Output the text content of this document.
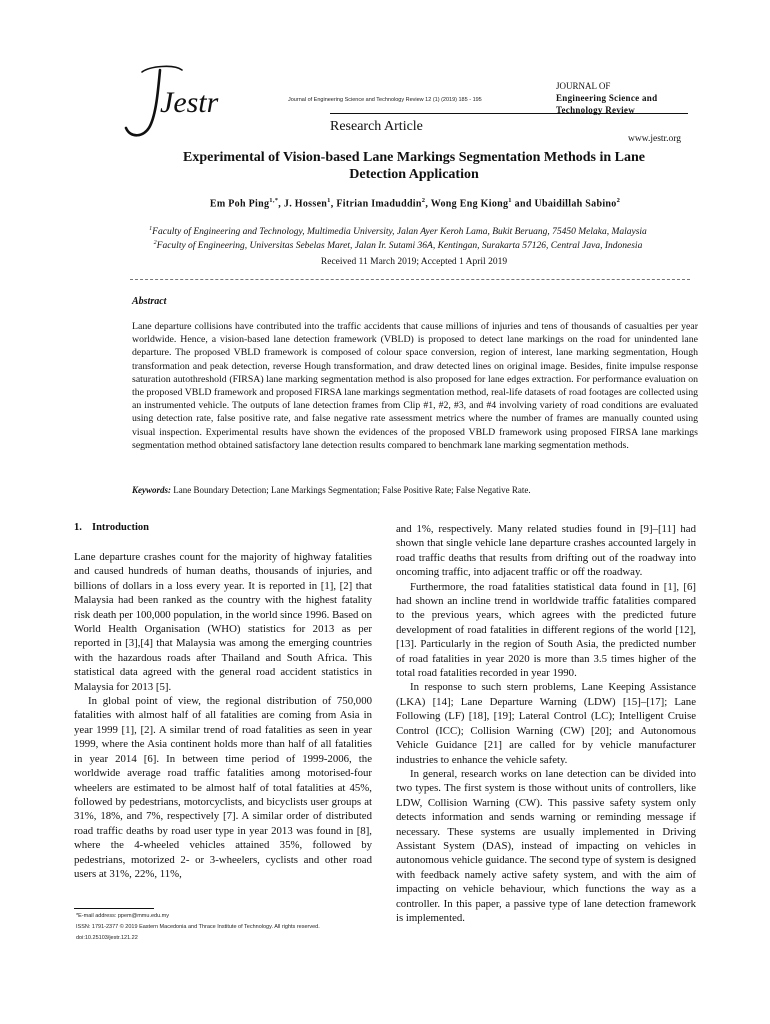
Jestr	Journal of Engineering Science and Technology Review 12 (1) (2019) 185 - 195
Research Article
JOURNAL OF
Engineering Science and
Technology Review
www.jestr.org
Experimental of Vision-based Lane Markings Segmentation Methods in Lane
Detection Application
Em Poh Ping$^{1,*}$, J. Hossen$^1$, Fitrian Imaduddin$^2$, Wong Eng Kiong$^1$ and Ubaidillah Sabino$^2$
$^1$Faculty of Engineering and Technology, Multimedia University, Jalan Ayer Keroh Lama, Bukit Beruang, 75450 Melaka, Malaysia
$^2$Faculty of Engineering, Universitas Sebelas Maret, Jalan Ir. Sutami 36A, Kentingan, Surakarta 57126, Central Java, Indonesia
Received 11 March 2019; Accepted 1 April 2019
Abstract
Lane departure collisions have contributed into the traffic accidents that cause millions of injuries and tens of thousands of casualties per year worldwide. Hence, a vision-based lane detection framework (VBLD) is proposed to detect lane markings on the road for unindented lane departure. The proposed VBLD framework is composed of colour space conversion, region of interest, lane marking segmentation, Hough transformation and peak detection, reverse Hough transformation, and draw detected lines on original image. Besides, finite impulse response saturation autothreshold (FIRSA) lane marking segmentation method is also proposed for lane edges extraction. For performance evaluation on the proposed VBLD framework and proposed FIRSA lane markings segmentation method, real-life datasets of road footages are collected using an instrumented vehicle. The outputs of lane detection frames from Clip #1, #2, #3, and #4 involving variety of road conditions are evaluated using detection rate, false positive rate, and false negative rate assessment metrics where the number of frames are manually counted using visual inspection. Experimental results have shown the evidences of the proposed VBLD framework using proposed FIRSA lane markings segmentation method obtained satisfactory lane detection results compared to benchmark lane marking segmentation methods.
Keywords: Lane Boundary Detection; Lane Markings Segmentation; False Positive Rate; False Negative Rate.
1. Introduction

Lane departure crashes count for the majority of highway fatalities and caused hundreds of human deaths, thousands of injuries, and billions of dollars in a loss every year. It is reported in [1], [2] that Malaysia had been ranked as the country with the highest fatality risk death per 100,000 population, in the world since 1996. Based on World Health Organisation (WHO) statistics for 2013 as per reported in [3],[4] that Malaysia was among the emerging countries with the hazardous roads after Thailand and South Africa. This statistical data agreed with the general road accident statistics in Malaysia for 2013 [5].

In global point of view, the regional distribution of 750,000 fatalities with almost half of all fatalities are coming from Asia in year 1999 [1], [2]. A similar trend of road fatalities as seen in year 1999, where the Asia continent holds more than half of all fatalities in year 2014 [6]. In between time period of 1999-2006, the worldwide average road traffic fatalities among motorised-four wheelers are estimated to be almost half of total fatalities at 45%, followed by pedestrians, motorcyclists, and bicyclists user groups at 31%, 18%, and 7%, respectively [7]. A similar order of distributed road traffic deaths by road user type in year 2013 was found in [8], where the 4-wheeled vehicles attained 35%, followed by pedestrians, motorized 2- or 3-wheelers, cyclists and other road users at 31%, 22%, 11%,

and 1%, respectively. Many related studies found in [9]–[11] had shown that single vehicle lane departure crashes accounted largely in road traffic deaths that results from drifting out of the roadway into oncoming traffic, into adjacent traffic or off the roadway.

Furthermore, the road fatalities statistical data found in [1], [6] had shown an incline trend in worldwide traffic fatalities compared to the previous years, which agrees with the predicted future development of road fatalities in different regions of the world [12], [13]. Particularly in the region of South Asia, the predicted number of road fatalities in year 2020 is more than 3.5 times higher of the total road fatalities recorded in year 1990.

In response to such stern problems, Lane Keeping Assistance (LKA) [14]; Lane Departure Warning (LDW) [15]–[17]; Lane Following (LF) [18], [19]; Lateral Control (LC); Intelligent Cruise Control (ICC); Collision Warning (CW) [20]; and Autonomous Vehicle Guidance [21] are called for by vehicle manufacturer industries to enhance the vehicle safety.

In general, research works on lane detection can be divided into two types. The first system is those without units of controllers, like LDW, Collision Warning (CW). This passive safety system only detects information and sends warning or reminding message if necessary. These systems are usually implemented in Driving Assistant System (DAS), instead of impacting on vehicles in autonomous vehicle guidance. The second type of system is designed with feedback namely active safety system, and with the aim of impacting on vehicle behaviour, which functions the way as a controller. In this paper, a passive type of lane detection framework is implemented.

*E-mail address: ppem@mmu.edu.my
ISSN: 1791-2377 © 2019 Eastern Macedonia and Thrace Institute of Technology. All rights reserved.
doi:10.25103/jestr.121.22
